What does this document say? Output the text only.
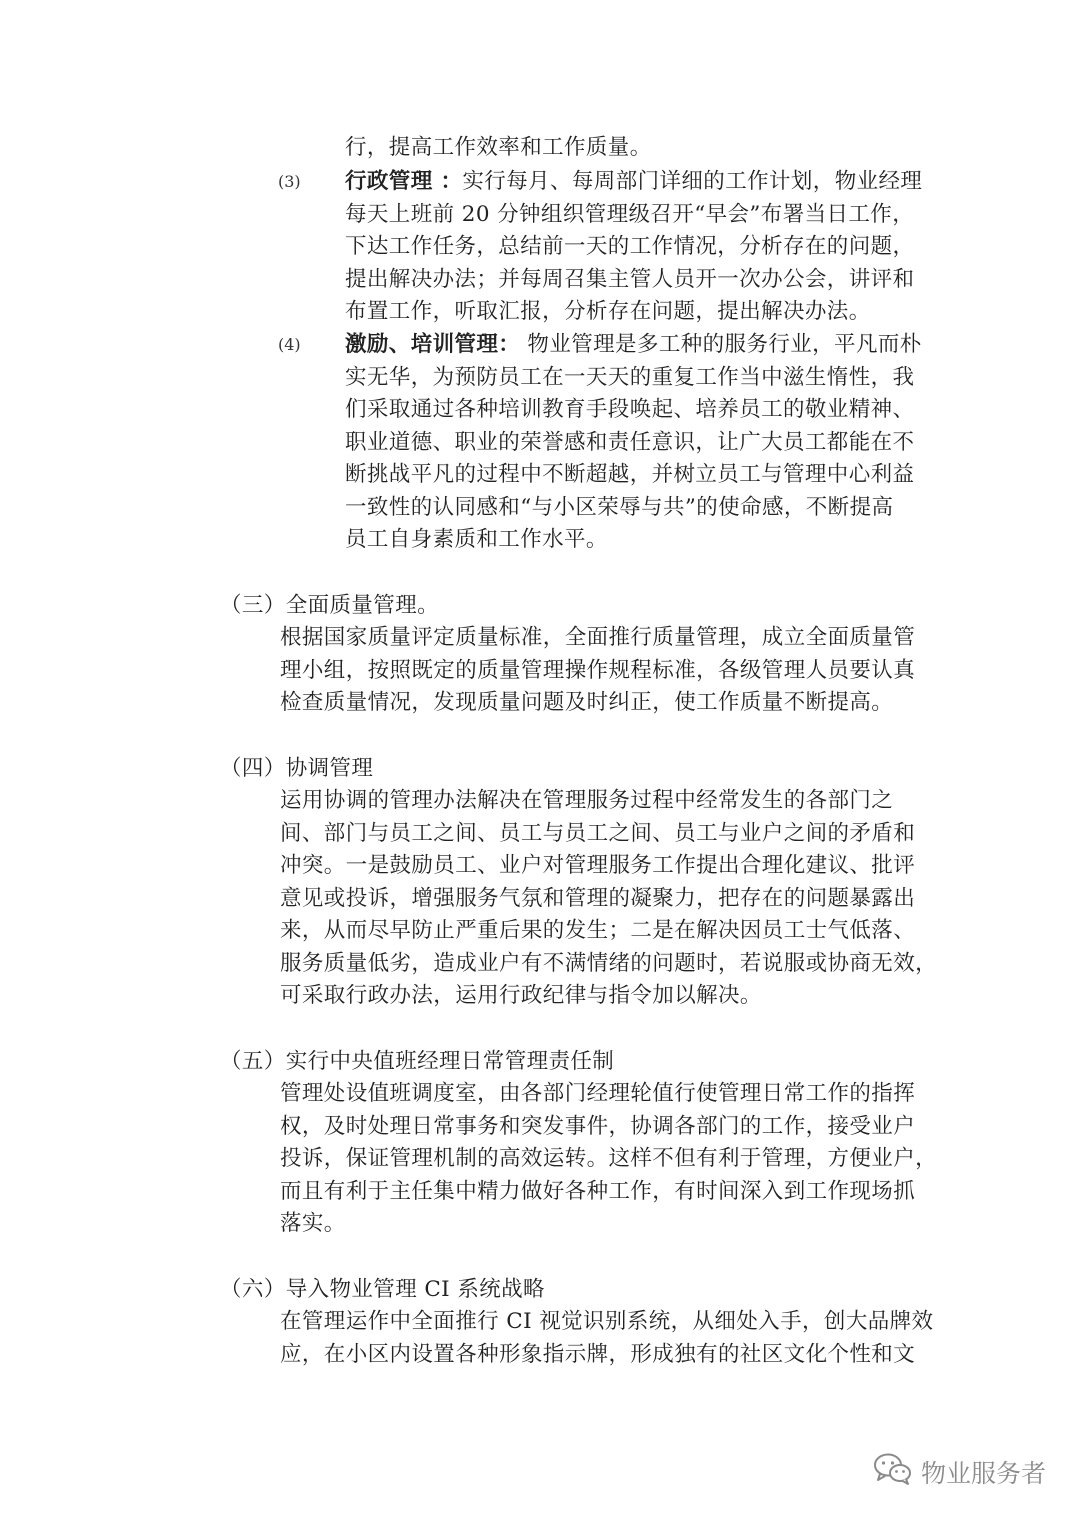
行，提高工作效率和工作质量。
(3) 行政管理 ：实行每月、每周部门详细的工作计划，物业经理
每天上班前 20 分钟组织管理级召开“早会”布署当日工作，
下达工作任务，总结前一天的工作情况，分析存在的问题，
提出解决办法；并每周召集主管人员开一次办公会，讲评和
布置工作，听取汇报，分析存在问题，提出解决办法。
(4) 激励、培训管理： 物业管理是多工种的服务行业，平凡而朴
实无华，为预防员工在一天天的重复工作当中滋生惰性，我
们采取通过各种培训教育手段唤起、培养员工的敬业精神、
职业道德、职业的荣誉感和责任意识，让广大员工都能在不
断挑战平凡的过程中不断超越，并树立员工与管理中心利益
一致性的认同感和“与小区荣辱与共”的使命感，不断提高
员工自身素质和工作水平。
（三）全面质量管理。
根据国家质量评定质量标准，全面推行质量管理，成立全面质量管
理小组，按照既定的质量管理操作规程标准，各级管理人员要认真
检查质量情况，发现质量问题及时纠正，使工作质量不断提高。
（四）协调管理
运用协调的管理办法解决在管理服务过程中经常发生的各部门之
间、部门与员工之间、员工与员工之间、员工与业户之间的矛盾和
冲突。一是鼓励员工、业户对管理服务工作提出合理化建议、批评
意见或投诉，增强服务气氛和管理的凝聚力，把存在的问题暴露出
来，从而尽早防止严重后果的发生；二是在解决因员工士气低落、
服务质量低劣，造成业户有不满情绪的问题时，若说服或协商无效，
可采取行政办法，运用行政纪律与指令加以解决。
（五）实行中央值班经理日常管理责任制
管理处设值班调度室，由各部门经理轮值行使管理日常工作的指挥
权，及时处理日常事务和突发事件，协调各部门的工作，接受业户
投诉，保证管理机制的高效运转。这样不但有利于管理，方便业户，
而且有利于主任集中精力做好各种工作，有时间深入到工作现场抓
落实。
（六）导入物业管理 CI 系统战略
在管理运作中全面推行 CI 视觉识别系统，从细处入手，创大品牌效
应，在小区内设置各种形象指示牌，形成独有的社区文化个性和文
物业服务者
